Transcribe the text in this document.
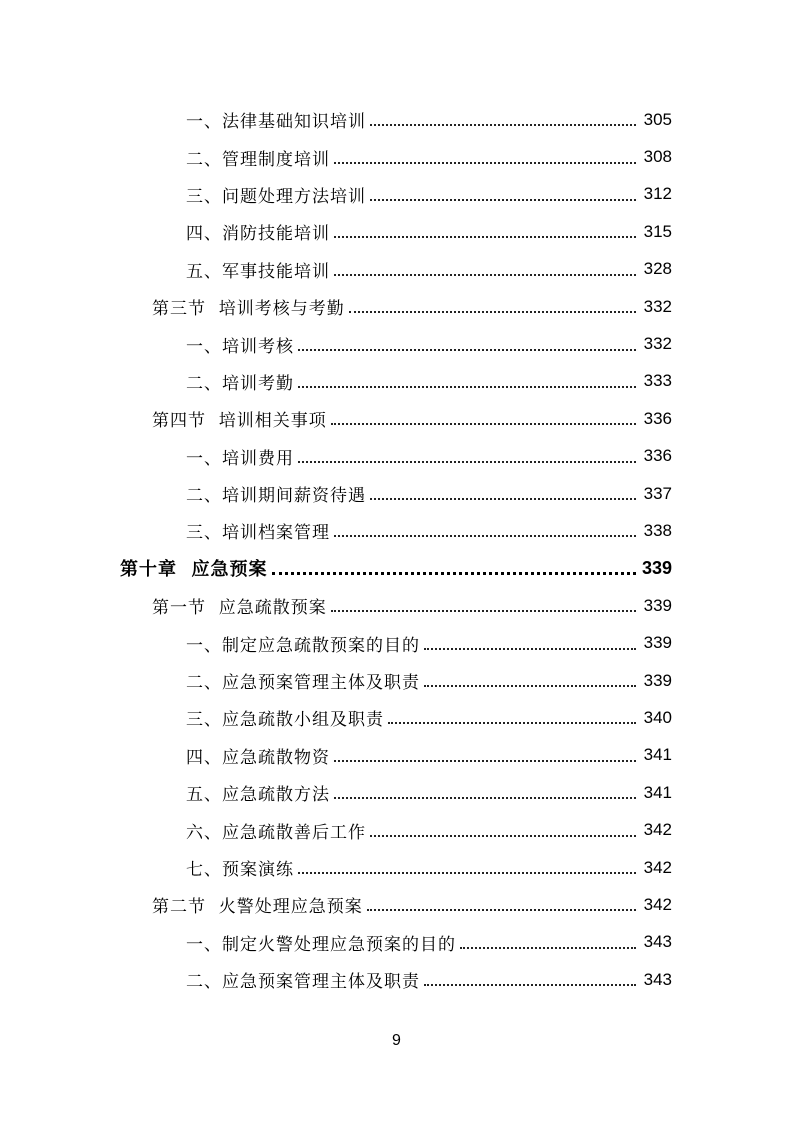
一、法律基础知识培训	305
二、管理制度培训	308
三、问题处理方法培训	312
四、消防技能培训	315
五、军事技能培训	328
第三节  培训考核与考勤	332
一、培训考核	332
二、培训考勤	333
第四节  培训相关事项	336
一、培训费用	336
二、培训期间薪资待遇	337
三、培训档案管理	338
第十章  应急预案	339
第一节  应急疏散预案	339
一、制定应急疏散预案的目的	339
二、应急预案管理主体及职责	339
三、应急疏散小组及职责	340
四、应急疏散物资	341
五、应急疏散方法	341
六、应急疏散善后工作	342
七、预案演练	342
第二节  火警处理应急预案	342
一、制定火警处理应急预案的目的	343
二、应急预案管理主体及职责	343
9
